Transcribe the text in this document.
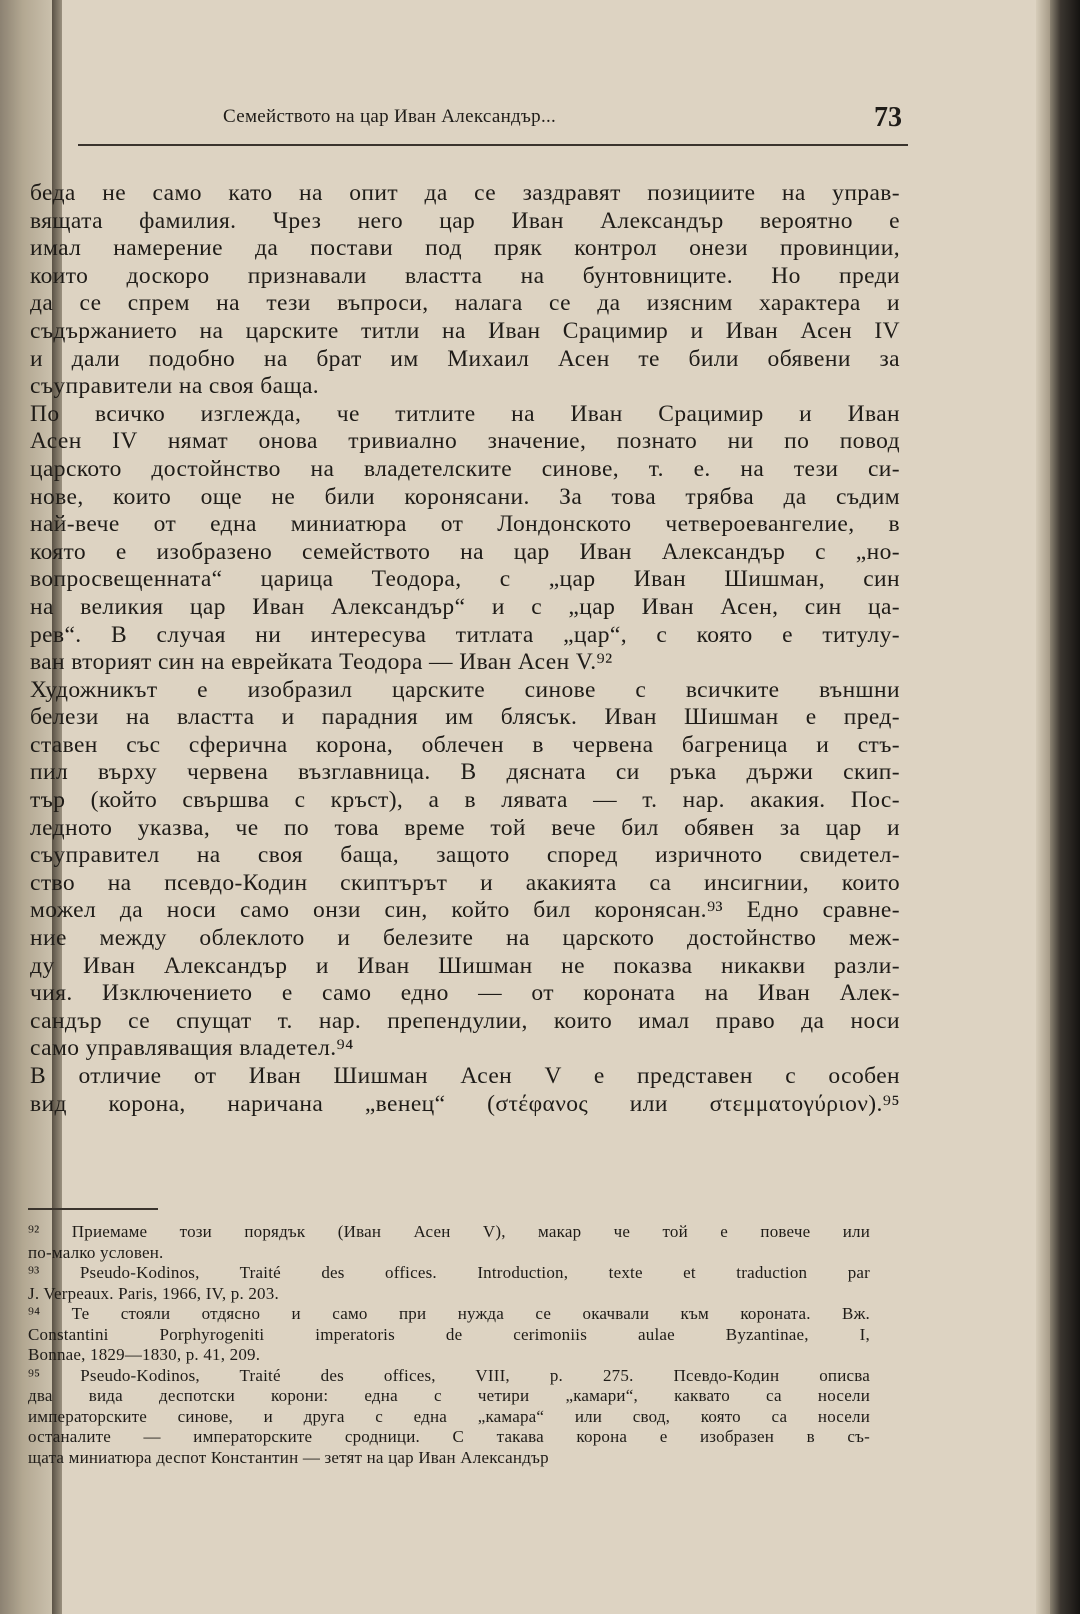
Семейството на цар Иван Александър...	73
беда не само като на опит да се заздравят позициите на управ-
вящата фамилия. Чрез него цар Иван Александър вероятно е
имал намерение да постави под пряк контрол онези провинции,
които доскоро признавали властта на бунтовниците. Но преди
да се спрем на тези въпроси, налага се да изясним характера и
съдържанието на царските титли на Иван Срацимир и Иван Асен IV
и дали подобно на брат им Михаил Асен те били обявени за
съуправители на своя баща.
По всичко изглежда, че титлите на Иван Срацимир и Иван
Асен IV нямат онова тривиално значение, познато ни по повод
царското достойнство на владетелските синове, т. е. на тези си-
нове, които още не били коронясани. За това трябва да съдим
най-вече от една миниатюра от Лондонското четвероевангелие, в
която е изобразено семейството на цар Иван Александър с „но-
вопросвещенната“ царица Теодора, с „цар Иван Шишман, син
на великия цар Иван Александър“ и с „цар Иван Асен, син ца-
рев“. В случая ни интересува титлата „цар“, с която е титулу-
ван вторият син на еврейката Теодора — Иван Асен V.⁹²
Художникът е изобразил царските синове с всичките външни
белези на властта и парадния им блясък. Иван Шишман е пред-
ставен със сферична корона, облечен в червена багреница и стъ-
пил върху червена възглавница. В дясната си ръка държи скип-
тър (който свършва с кръст), а в лявата — т. нар. акакия. Пос-
ледното указва, че по това време той вече бил обявен за цар и
съуправител на своя баща, защото според изричното свидетел-
ство на псевдо-Кодин скиптърът и акакията са инсигнии, които
можел да носи само онзи син, който бил коронясан.⁹³ Едно сравне-
ние между облеклото и белезите на царското достойнство меж-
ду Иван Александър и Иван Шишман не показва никакви разли-
чия. Изключението е само едно — от короната на Иван Алек-
сандър се спущат т. нар. препендулии, които имал право да носи
само управляващия владетел.⁹⁴
В отличие от Иван Шишман Асен V е представен с особен
вид корона, наричана „венец“ (στέφανος или στεμματογύριον).⁹⁵
⁹² Приемаме този порядък (Иван Асен V), макар че той е повече или
по-малко условен.
⁹³ Pseudo-Kodinos, Traité des offices. Introduction, texte et traduction par
J. Verpeaux. Paris, 1966, IV, p. 203.
⁹⁴ Те стояли отдясно и само при нужда се окачвали към короната. Вж.
Constantini Porphyrogeniti imperatoris de cerimoniis aulae Byzantinae, I,
Bonnae, 1829—1830, p. 41, 209.
⁹⁵ Pseudo-Kodinos, Traité des offices, VIII, p. 275. Псевдо-Кодин описва
два вида деспотски корони: една с четири „камари“, каквато са носели
императорските синове, и друга с една „камара“ или свод, която са носели
останалите — императорските сродници. С такава корона е изобразен в съ-
щата миниатюра деспот Константин — зетят на цар Иван Александър
